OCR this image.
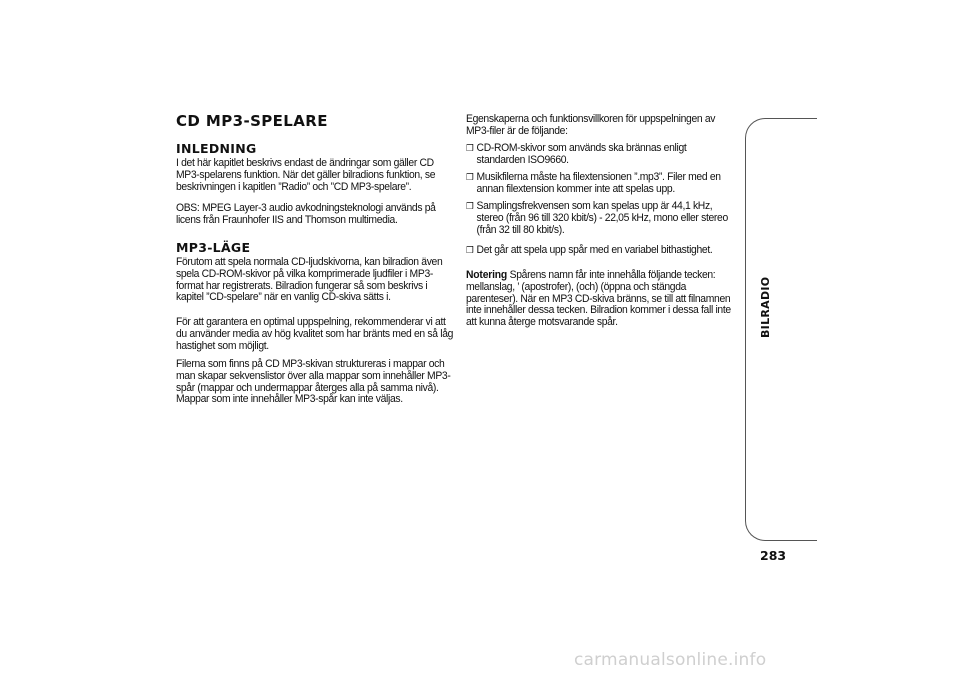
CD MP3-SPELARE
INLEDNING

I det här kapitlet beskrivs endast de ändringar som gäller CD MP3-spelarens funktion. När det gäller bilradions funktion, se beskrivningen i kapitlen ”Radio” och ”CD MP3-spelare”.

OBS: MPEG Layer-3 audio avkodningsteknologi används på licens från Fraunhofer IIS and Thomson multimedia.

MP3-LÄGE

Förutom att spela normala CD-ljudskivorna, kan bilradion även spela CD-ROM-skivor på vilka komprimerade ljudfiler i MP3-format har registrerats. Bilradion fungerar så som beskrivs i kapitel ”CD-spelare” när en vanlig CD-skiva sätts i.

För att garantera en optimal uppspelning, rekommenderar vi att du använder media av hög kvalitet som har bränts med en så låg hastighet som möjligt.

Filerna som finns på CD MP3-skivan struktureras i mappar och man skapar sekvenslistor över alla mappar som innehåller MP3-spår (mappar och undermappar återges alla på samma nivå). Mappar som inte innehåller MP3-spår kan inte väljas.

Egenskaperna och funktionsvillkoren för uppspelningen av MP3-filer är de följande:

❒ CD-ROM-skivor som används ska brännas enligt standarden ISO9660.
❒ Musikfilerna måste ha filextensionen ”.mp3”. Filer med en annan filextension kommer inte att spelas upp.
❒ Samplingsfrekvensen som kan spelas upp är 44,1 kHz, stereo (från 96 till 320 kbit/s) - 22,05 kHz, mono eller stereo (från 32 till 80 kbit/s).
❒ Det går att spela upp spår med en variabel bithastighet.

Notering Spårens namn får inte innehålla följande tecken: mellanslag, ’ (apostrofer), (och) (öppna och stängda parenteser). När en MP3 CD-skiva bränns, se till att filnamnen inte innehåller dessa tecken. Bilradion kommer i dessa fall inte att kunna återge motsvarande spår.	BILRADIO
283
carmanualsonline.info
